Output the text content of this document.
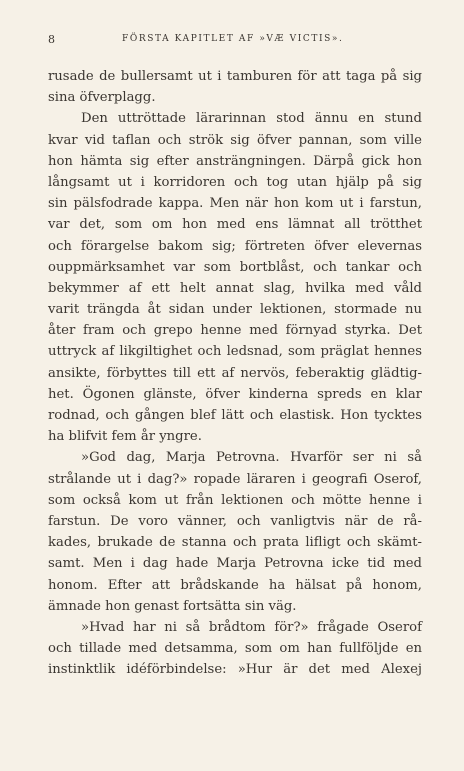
8	FÖRSTA KAPITLET AF »VÆ VICTIS».
rusade de bullersamt ut i tamburen för att taga på sig
sina öfverplagg.
Den uttröttade lärarinnan stod ännu en stund
kvar vid taflan och strök sig öfver pannan, som ville
hon hämta sig efter ansträngningen. Därpå gick hon
långsamt ut i korridoren och tog utan hjälp på sig
sin pälsfodrade kappa. Men när hon kom ut i farstun,
var det, som om hon med ens lämnat all trötthet
och förargelse bakom sig; förtreten öfver elevernas
ouppmärksamhet var som bortblåst, och tankar och
bekymmer af ett helt annat slag, hvilka med våld
varit trängda åt sidan under lektionen, stormade nu
åter fram och grepo henne med förnyad styrka. Det
uttryck af likgiltighet och ledsnad, som präglat hennes
ansikte, förbyttes till ett af nervös, feberaktig glädtig-
het. Ögonen glänste, öfver kinderna spreds en klar
rodnad, och gången blef lätt och elastisk. Hon tycktes
ha blifvit fem år yngre.
»God dag, Marja Petrovna. Hvarför ser ni så
strålande ut i dag?» ropade läraren i geografi Oserof,
som också kom ut från lektionen och mötte henne i
farstun. De voro vänner, och vanligtvis när de rå-
kades, brukade de stanna och prata lifligt och skämt-
samt. Men i dag hade Marja Petrovna icke tid med
honom. Efter att brådskande ha hälsat på honom,
ämnade hon genast fortsätta sin väg.
»Hvad har ni så brådtom för?» frågade Oserof
och tillade med detsamma, som om han fullföljde en
instinktlik idéförbindelse: »Hur är det med Alexej
